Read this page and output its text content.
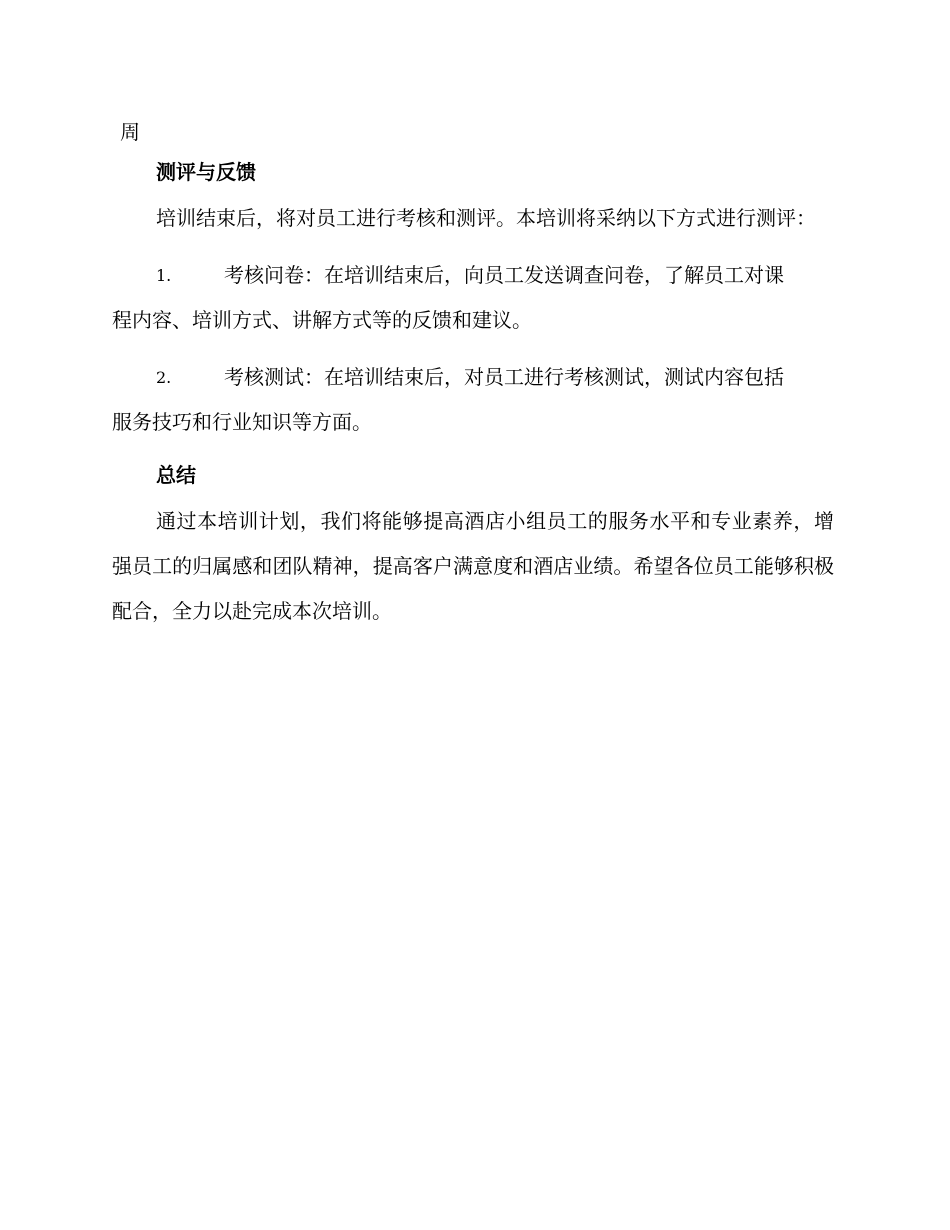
周
测评与反馈
培训结束后，将对员工进行考核和测评。本培训将采纳以下方式进行测评：
1.	考核问卷：在培训结束后，向员工发送调查问卷，了解员工对课
程内容、培训方式、讲解方式等的反馈和建议。
2.	考核测试：在培训结束后，对员工进行考核测试，测试内容包括
服务技巧和行业知识等方面。
总结
通过本培训计划，我们将能够提高酒店小组员工的服务水平和专业素养，增强员工的归属感和团队精神，提高客户满意度和酒店业绩。希望各位员工能够积极配合，全力以赴完成本次培训。
